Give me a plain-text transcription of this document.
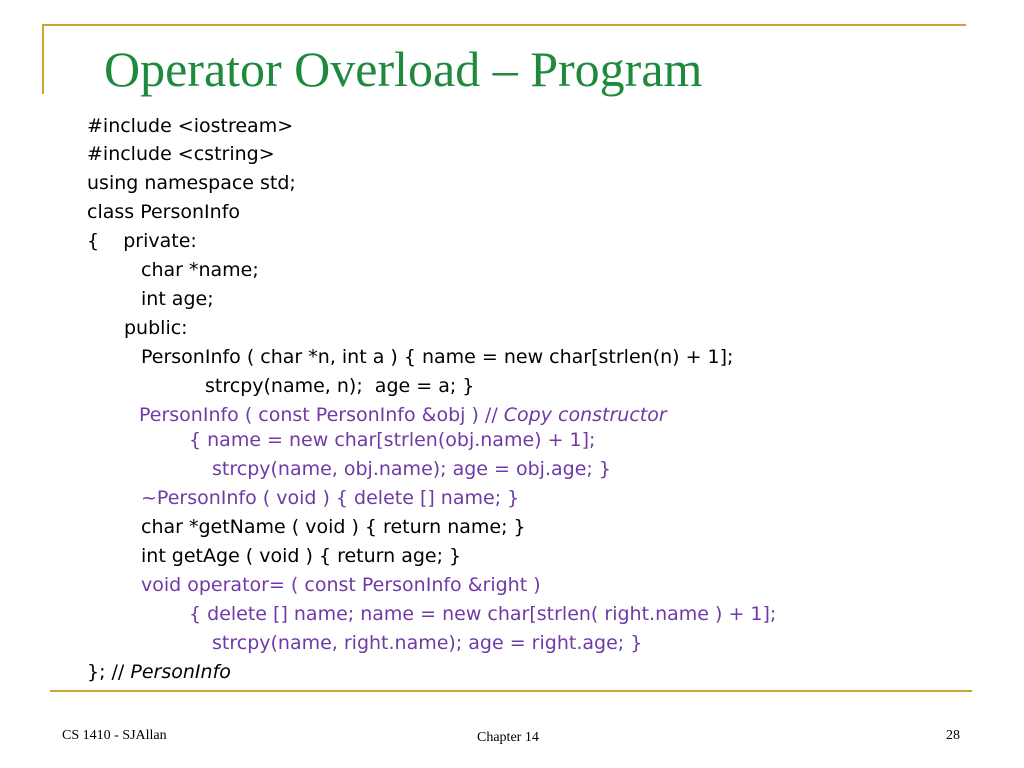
Operator Overload – Program
#include <iostream>
#include <cstring>
using namespace std;
class PersonInfo
{    private:
char *name;
int age;
public:
PersonInfo ( char *n, int a ) { name = new char[strlen(n) + 1];
strcpy(name, n);  age = a; }
PersonInfo ( const PersonInfo &obj ) // Copy constructor
{ name = new char[strlen(obj.name) + 1];
strcpy(name, obj.name); age = obj.age; }
~PersonInfo ( void ) { delete [] name; }
char *getName ( void ) { return name; }
int getAge ( void ) { return age; }
void operator= ( const PersonInfo &right )
{ delete [] name; name = new char[strlen( right.name ) + 1];
strcpy(name, right.name); age = right.age; }
}; // PersonInfo
CS 1410 - SJAllan	Chapter 14	28
